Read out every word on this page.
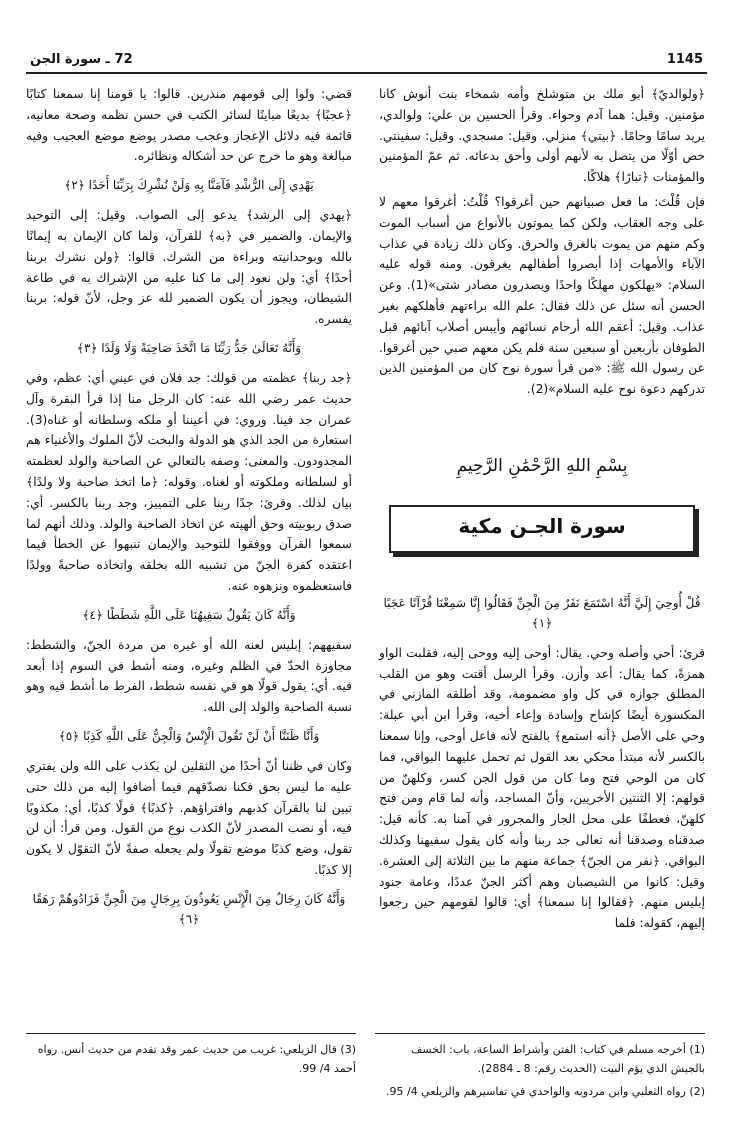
1145
72 ـ سورة الجن

﴿ولوالديّ﴾ أبو ملك بن متوشلخ وأمه شمخاء بنت أنوش كانا مؤمنين. وقيل: هما آدم وحواء. وقرأ الحسين بن علي: ولوالدي، يريد سامًا وحامًا. ﴿بيتي﴾ منزلي. وقيل: مسجدي. وقيل: سفينتي. خص أوّلًا من يتصل به لأنهم أولى وأحق بدعائه. ثم عمّ المؤمنين والمؤمنات ﴿تبارًا﴾ هلاكًا.

فإن قُلْتَ: ما فعل صبيانهم حين أغرقوا؟ قُلْتُ: أغرقوا معهم لا على وجه العقاب، ولكن كما يموتون بالأنواع من أسباب الموت وكم منهم من يموت بالغرق والحرق. وكان ذلك زيادة في عذاب الآباء والأمهات إذا أبصروا أطفالهم يغرقون. ومنه قوله عليه السلام: «يهلكون مهلكًا واحدًا ويصدرون مصادر شتى»(1). وعن الحسن أنه سئل عن ذلك فقال: علم الله براءتهم فأهلكهم بغير عذاب. وقيل: أعقم الله أرحام نسائهم وأيبس أصلاب آبائهم قبل الطوفان بأربعين أو سبعين سنة فلم يكن معهم صبي حين أغرقوا. عن رسول الله ﷺ: «من قرأ سورة نوح كان من المؤمنين الذين تدركهم دعوة نوح عليه السلام»(2).

بِسْمِ اللهِ الرَّحْمَٰنِ الرَّحِيمِ
سورة الجـن مكية

قُلْ أُوحِيَ إِلَيَّ أَنَّهُ اسْتَمَعَ نَفَرٌ مِنَ الْجِنِّ فَقَالُوا إِنَّا سَمِعْنَا قُرْآنًا عَجَبًا ﴿١﴾

قرئ: أحي وأصله وحي. يقال: أوحى إليه ووحى إليه، فقلبت الواو همزةً، كما يقال: أعد وأزن. وقرأ الرسل أقتت وهو من القلب المطلق جوازه في كل واو مضمومة، وقد أطلقه المازني في المكسورة أيضًا كإشاح وإسادة وإعاء أخيه، وقرأ ابن أبي عبلة: وحي على الأصل ﴿أنه استمع﴾ بالفتح لأنه فاعل أوحى، وإنا سمعنا بالكسر لأنه مبتدأ محكي بعد القول ثم تحمل عليهما البواقي، فما كان من الوحي فتح وما كان من قول الجن كسر، وكلهنّ من قولهم: إلا الثنتين الأخريين، وأنّ المساجد، وأنه لما قام ومن فتح كلهنّ، فعطفًا على محل الجار والمجرور في آمنا به. كأنه قيل: صدقناه وصدقنا أنه تعالى جد ربنا وأنه كان يقول سفيهنا وكذلك البواقي. ﴿نفر من الجنّ﴾ جماعة منهم ما بين الثلاثة إلى العشرة. وقيل: كانوا من الشيصبان وهم أكثر الجنّ عددًا، وعامة جنود إبليس منهم. ﴿فقالوا إنا سمعنا﴾ أي: قالوا لقومهم حين رجعوا إليهم، كقوله: فلما

قضي: ولوا إلى قومهم منذرين. قالوا: يا قومنا إنا سمعنا كتابًا ﴿عجبًا﴾ بديعًا مباينًا لسائر الكتب في حسن نظمه وصحة معانيه، قائمة فيه دلائل الإعجاز وعجب مصدر يوضع موضع العجيب وفيه مبالغة وهو ما خرج عن حد أشكاله ونظائره.

يَهْدِي إِلَى الرُّشْدِ فَآمَنَّا بِهِ وَلَنْ نُشْرِكَ بِرَبِّنَا أَحَدًا ﴿٢﴾

﴿يهدي إلى الرشد﴾ يدعو إلى الصواب. وقيل: إلى التوحيد والإيمان. والضمير في ﴿به﴾ للقرآن، ولما كان الإيمان به إيمانًا بالله وبوحدانيته وبراءة من الشرك. قالوا: ﴿ولن نشرك بربنا أحدًا﴾ أي: ولن نعود إلى ما كنا عليه من الإشراك به في طاعة الشيطان، ويجوز أن يكون الضمير لله عز وجل، لأنّ قوله: بربنا يفسره.

وَأَنَّهُ تَعَالَىٰ جَدُّ رَبِّنَا مَا اتَّخَذَ صَاحِبَةً وَلَا وَلَدًا ﴿٣﴾

﴿جد ربنا﴾ عظمته من قولك: جد فلان في عيني أي: عظم، وفي حديث عمر رضي الله عنه: كان الرجل منا إذا قرأ البقرة وآل عمران جد فينا. وروي: في أعيننا أو ملكه وسلطانه أو غناه(3). استعارة من الجد الذي هو الدولة والبخت لأنّ الملوك والأغنياء هم المجدودون. والمعنى: وصفه بالتعالي عن الصاحبة والولد لعظمته أو لسلطانه وملكوته أو لغناه. وقوله: ﴿ما اتخذ صاحبة ولا ولدًا﴾ بيان لذلك. وقرئ: جدًا ربنا على التمييز، وجد ربنا بالكسر. أي: صدق ربوبيته وحق ألهيته عن اتخاذ الصاحبة والولد. وذلك أنهم لما سمعوا القرآن ووفقوا للتوحيد والإيمان تنبهوا عن الخطأ فيما اعتقده كفرة الجنّ من تشبيه الله بخلقه واتخاذه صاحبةً وولدًا فاستعظموه ونزهوه عنه.

وَأَنَّهُ كَانَ يَقُولُ سَفِيهُنَا عَلَى اللَّهِ شَطَطًا ﴿٤﴾

سفيههم: إبليس لعنه الله أو غيره من مردة الجنّ، والشطط: مجاوزة الحدّ في الظلم وغيره، ومنه أشط في السوم إذا أبعد فيه. أي: يقول قولًا هو في نفسه شطط، الفرط ما أشط فيه وهو نسبة الصاحبة والولد إلى الله.

وَأَنَّا ظَنَنَّا أَنْ لَنْ تَقُولَ الْإِنْسُ وَالْجِنُّ عَلَى اللَّهِ كَذِبًا ﴿٥﴾

وكان في ظننا أنّ أحدًا من الثقلين لن يكذب على الله ولن يفتري عليه ما ليس بحق فكنا نصدّقهم فيما أضافوا إليه من ذلك حتى تبين لنا بالقرآن كذبهم وافتراؤهم. ﴿كذبًا﴾ قولًا كذبًا، أي: مكذوبًا فيه، أو نصب المصدر لأنّ الكذب نوع من القول. ومن قرأ: أن لن تقول، وضع كذبًا موضع تقولًا ولم يجعله صفةً لأنّ التقوّل لا يكون إلا كذبًا.

وَأَنَّهُ كَانَ رِجَالٌ مِنَ الْإِنْسِ يَعُوذُونَ بِرِجَالٍ مِنَ الْجِنِّ فَزَادُوهُمْ رَهَقًا ﴿٦﴾

(1) أخرجه مسلم في كتاب: الفتن وأشراط الساعة، باب: الخسف بالجيش الذي يؤم البيت (الحديث رقم: 8 ـ 2884).

(2) رواه الثعلبي وابن مردويه والواحدي في تفاسيرهم والزيلعي 4/ 95.

(3) قال الزيلعي: غريب من حديث عمر وقد تقدم من حديث أنس. رواه أحمد 4/ 99.
